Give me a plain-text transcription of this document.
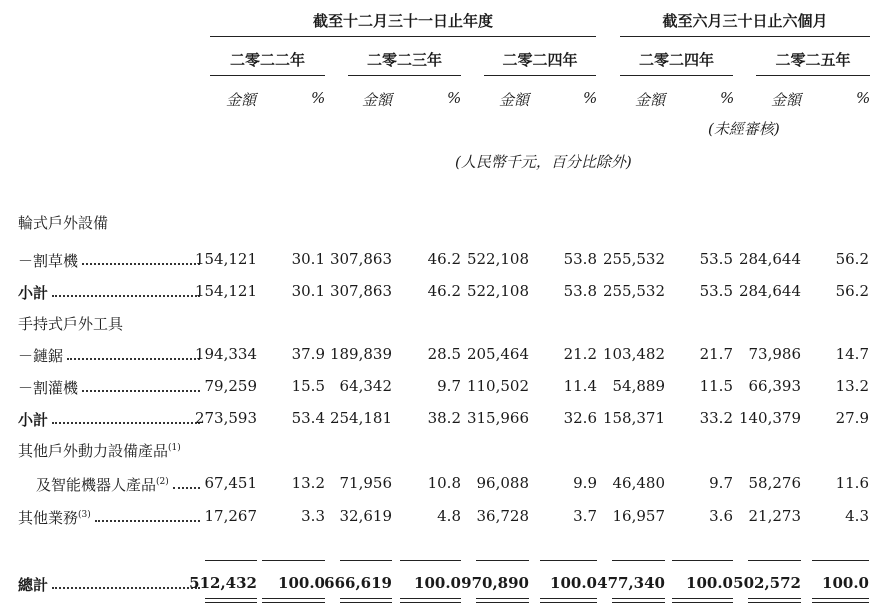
截至十二月三十一日止年度	截至六月三十日止六個月
二零二二年	二零二三年	二零二四年	二零二四年	二零二五年
金額	% 金額	%	金額	%	金額	% 金額	%
(未經審核)
(人民幣千元，百分比除外)
輪式戶外設備
－割草機	154,121	30.1 307,863	46.2 522,108	53.8 255,532	53.5 284,644	56.2
小計	154,121	30.1 307,863	46.2 522,108	53.8 255,532	53.5 284,644	56.2
手持式戶外工具
－鏈鋸	194,334	37.9 189,839	28.5 205,464	21.2 103,482	21.7	73,986	14.7
－割灌機	79,259	15.5 64,342	9.7 110,502	11.4	54,889	11.5	66,393	13.2
小計	273,593	53.4 254,181	38.2 315,966	32.6 158,371	33.2 140,379	27.9
其他戶外動力設備產品$^{(1)}$
及智能機器人產品$^{(2)}$	67,451	13.2 71,956	10.8	96,088	9.9	46,480	9.7	58,276	11.6
其他業務$^{(3)}$	17,267	3.3 32,619	4.8	36,728	3.7	16,957	3.6	21,273	4.3
總計	512,432	100.0 666,619	100.0 970,890	100.0 477,340	100.0 502,572	100.0
